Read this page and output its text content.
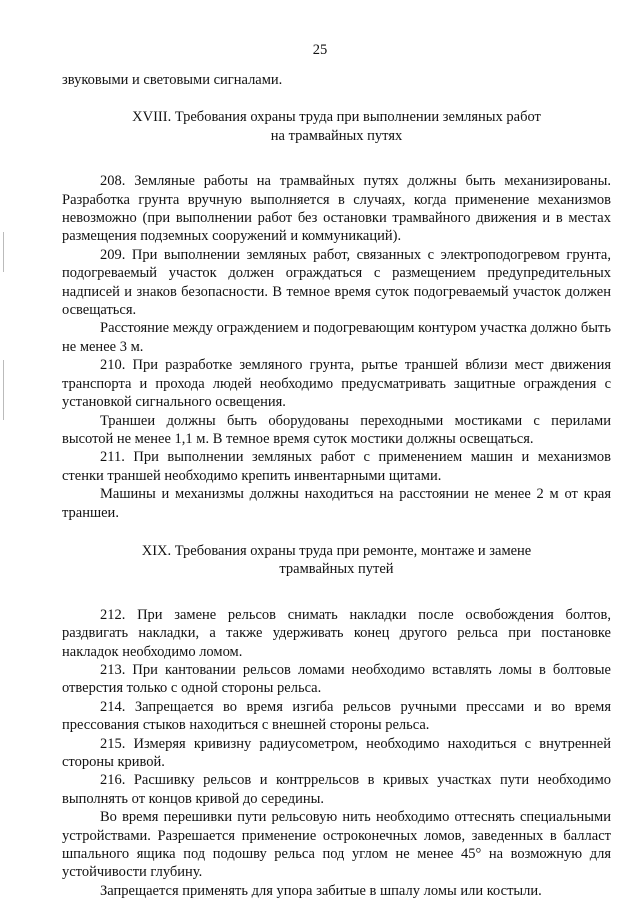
25

звуковыми и световыми сигналами.

XVIII. Требования охраны труда при выполнении земляных работ
на трамвайных путях

208. Земляные работы на трамвайных путях должны быть механизированы. Разработка грунта вручную выполняется в случаях, когда применение механизмов невозможно (при выполнении работ без остановки трамвайного движения и в местах размещения подземных сооружений и коммуникаций).

209. При выполнении земляных работ, связанных с электроподогревом грунта, подогреваемый участок должен ограждаться с размещением предупредительных надписей и знаков безопасности. В темное время суток подогреваемый участок должен освещаться.

Расстояние между ограждением и подогревающим контуром участка должно быть не менее 3 м.

210. При разработке земляного грунта, рытье траншей вблизи мест движения транспорта и прохода людей необходимо предусматривать защитные ограждения с установкой сигнального освещения.

Траншеи должны быть оборудованы переходными мостиками с перилами высотой не менее 1,1 м. В темное время суток мостики должны освещаться.

211. При выполнении земляных работ с применением машин и механизмов стенки траншей необходимо крепить инвентарными щитами.

Машины и механизмы должны находиться на расстоянии не менее 2 м от края траншеи.

XIX. Требования охраны труда при ремонте, монтаже и замене
трамвайных путей

212. При замене рельсов снимать накладки после освобождения болтов, раздвигать накладки, а также удерживать конец другого рельса при постановке накладок необходимо ломом.

213. При кантовании рельсов ломами необходимо вставлять ломы в болтовые отверстия только с одной стороны рельса.

214. Запрещается во время изгиба рельсов ручными прессами и во время прессования стыков находиться с внешней стороны рельса.

215. Измеряя кривизну радиусометром, необходимо находиться с внутренней стороны кривой.

216. Расшивку рельсов и контррельсов в кривых участках пути необходимо выполнять от концов кривой до середины.

Во время перешивки пути рельсовую нить необходимо оттеснять специальными устройствами. Разрешается применение остроконечных ломов, заведенных в балласт шпального ящика под подошву рельса под углом не менее 45° на возможную для устойчивости глубину.

Запрещается применять для упора забитые в шпалу ломы или костыли.
